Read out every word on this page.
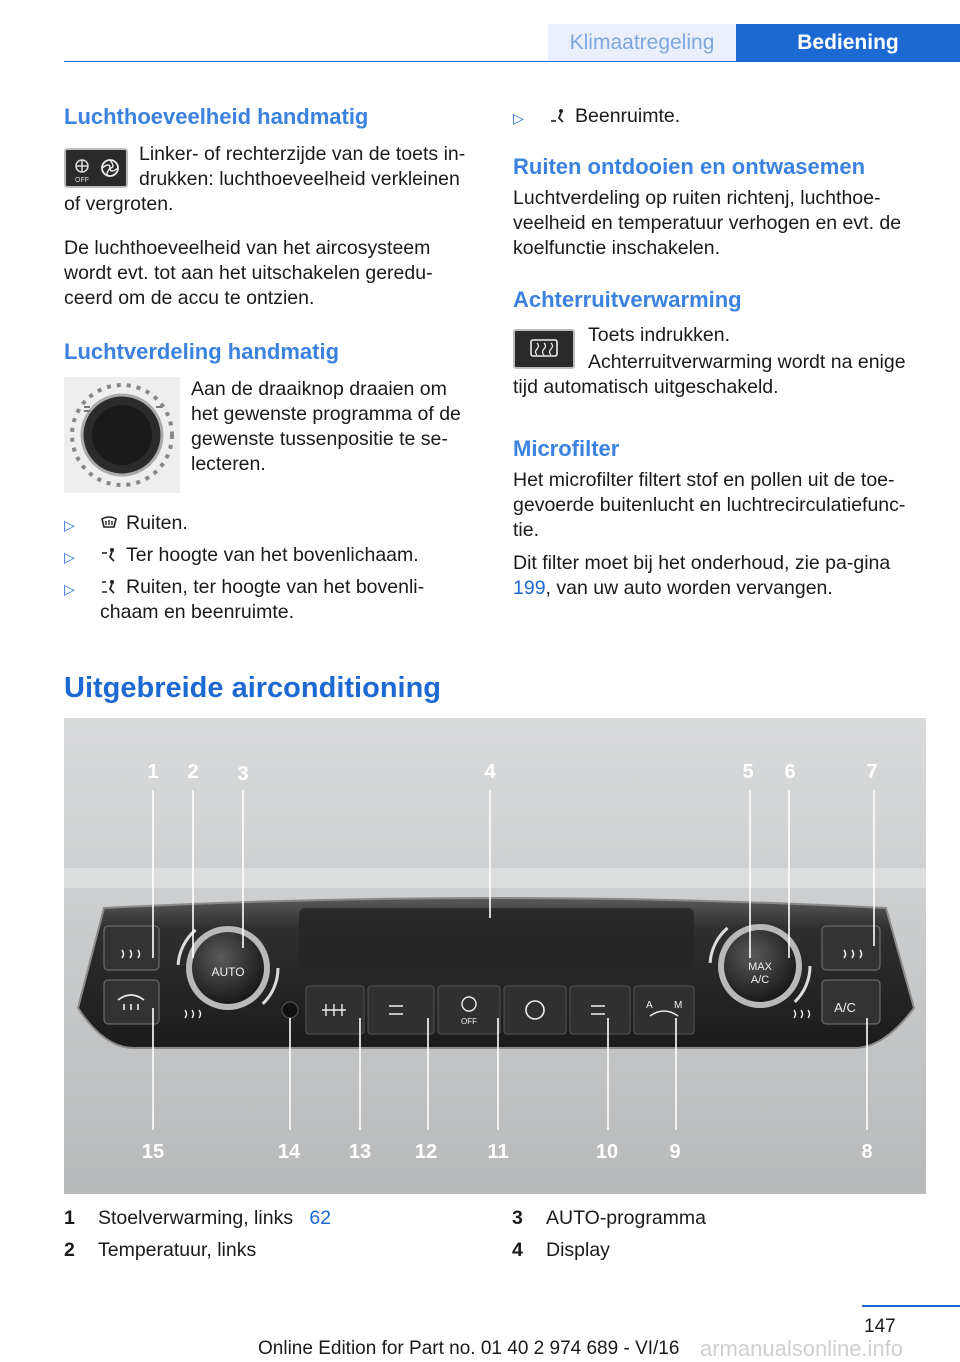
Klimaatregeling	Bediening
Luchthoeveelheid handmatig
OFF

Linker- of rechterzijde van de toets in-

drukken: luchthoeveelheid verkleinen

of vergroten.

De luchthoeveelheid van het aircosysteem wordt evt. tot aan het uitschakelen geredu-ceerd om de accu te ontzien.

Luchtverdeling handmatig

Aan de draaiknop draaien om het gewenste programma of de gewenste tussenpositie te se-lecteren.

▷	Ruiten.
▷	Ter hoogte van het bovenlichaam.
▷	Ruiten, ter hoogte van het bovenli-chaam en beenruimte.
▷	Beenruimte.
Ruiten ontdooien en ontwasemen

Luchtverdeling op ruiten richtenj, luchthoe-veelheid en temperatuur verhogen en evt. de koelfunctie inschakelen.

Achterruitverwarming

Toets indrukken.

Achterruitverwarming wordt na enige

tijd automatisch uitgeschakeld.

Microfilter

Het microfilter filtert stof en pollen uit de toe-gevoerde buitenlucht en luchtrecirculatiefunc-tie.

Dit filter moet bij het onderhoud, zie pa-gina 199, van uw auto worden vervangen.

Uitgebreide airconditioning
AUTO
OFF
A M
MAX
A/C
A/C
1 2 3	4	5 6	7
15	14 13 12	11	10	9	8
1 Stoelverwarming, links 62
2 Temperatuur, links
3 AUTO-programma
4 Display
147
armanualsonline.info
Online Edition for Part no. 01 40 2 974 689 - VI/16
